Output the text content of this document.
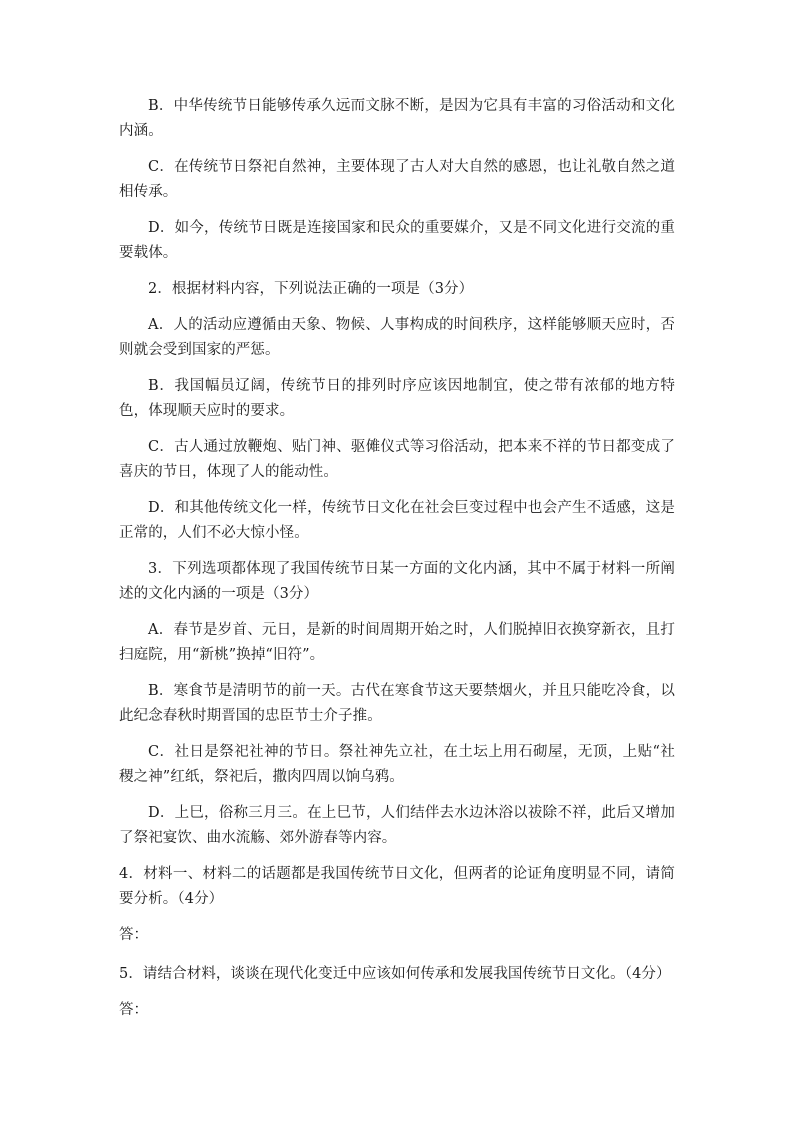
B．中华传统节日能够传承久远而文脉不断，是因为它具有丰富的习俗活动和文化内涵。

C．在传统节日祭祀自然神，主要体现了古人对大自然的感恩，也让礼敬自然之道相传承。

D．如今，传统节日既是连接国家和民众的重要媒介，又是不同文化进行交流的重要载体。

2．根据材料内容，下列说法正确的一项是（3分）

A．人的活动应遵循由天象、物候、人事构成的时间秩序，这样能够顺天应时，否则就会受到国家的严惩。

B．我国幅员辽阔，传统节日的排列时序应该因地制宜，使之带有浓郁的地方特色，体现顺天应时的要求。

C．古人通过放鞭炮、贴门神、驱傩仪式等习俗活动，把本来不祥的节日都变成了喜庆的节日，体现了人的能动性。

D．和其他传统文化一样，传统节日文化在社会巨变过程中也会产生不适感，这是正常的，人们不必大惊小怪。

3．下列选项都体现了我国传统节日某一方面的文化内涵，其中不属于材料一所阐述的文化内涵的一项是（3分）

A．春节是岁首、元日，是新的时间周期开始之时，人们脱掉旧衣换穿新衣，且打扫庭院，用“新桃”换掉“旧符”。

B．寒食节是清明节的前一天。古代在寒食节这天要禁烟火，并且只能吃冷食，以此纪念春秋时期晋国的忠臣节士介子推。

C．社日是祭祀社神的节日。祭社神先立社，在土坛上用石砌屋，无顶，上贴“社稷之神”红纸，祭祀后，撒肉四周以饷乌鸦。

D．上巳，俗称三月三。在上巳节，人们结伴去水边沐浴以祓除不祥，此后又增加了祭祀宴饮、曲水流觞、郊外游春等内容。

4．材料一、材料二的话题都是我国传统节日文化，但两者的论证角度明显不同，请简要分析。（4分）

答：

5．请结合材料，谈谈在现代化变迁中应该如何传承和发展我国传统节日文化。（4分）

答：
